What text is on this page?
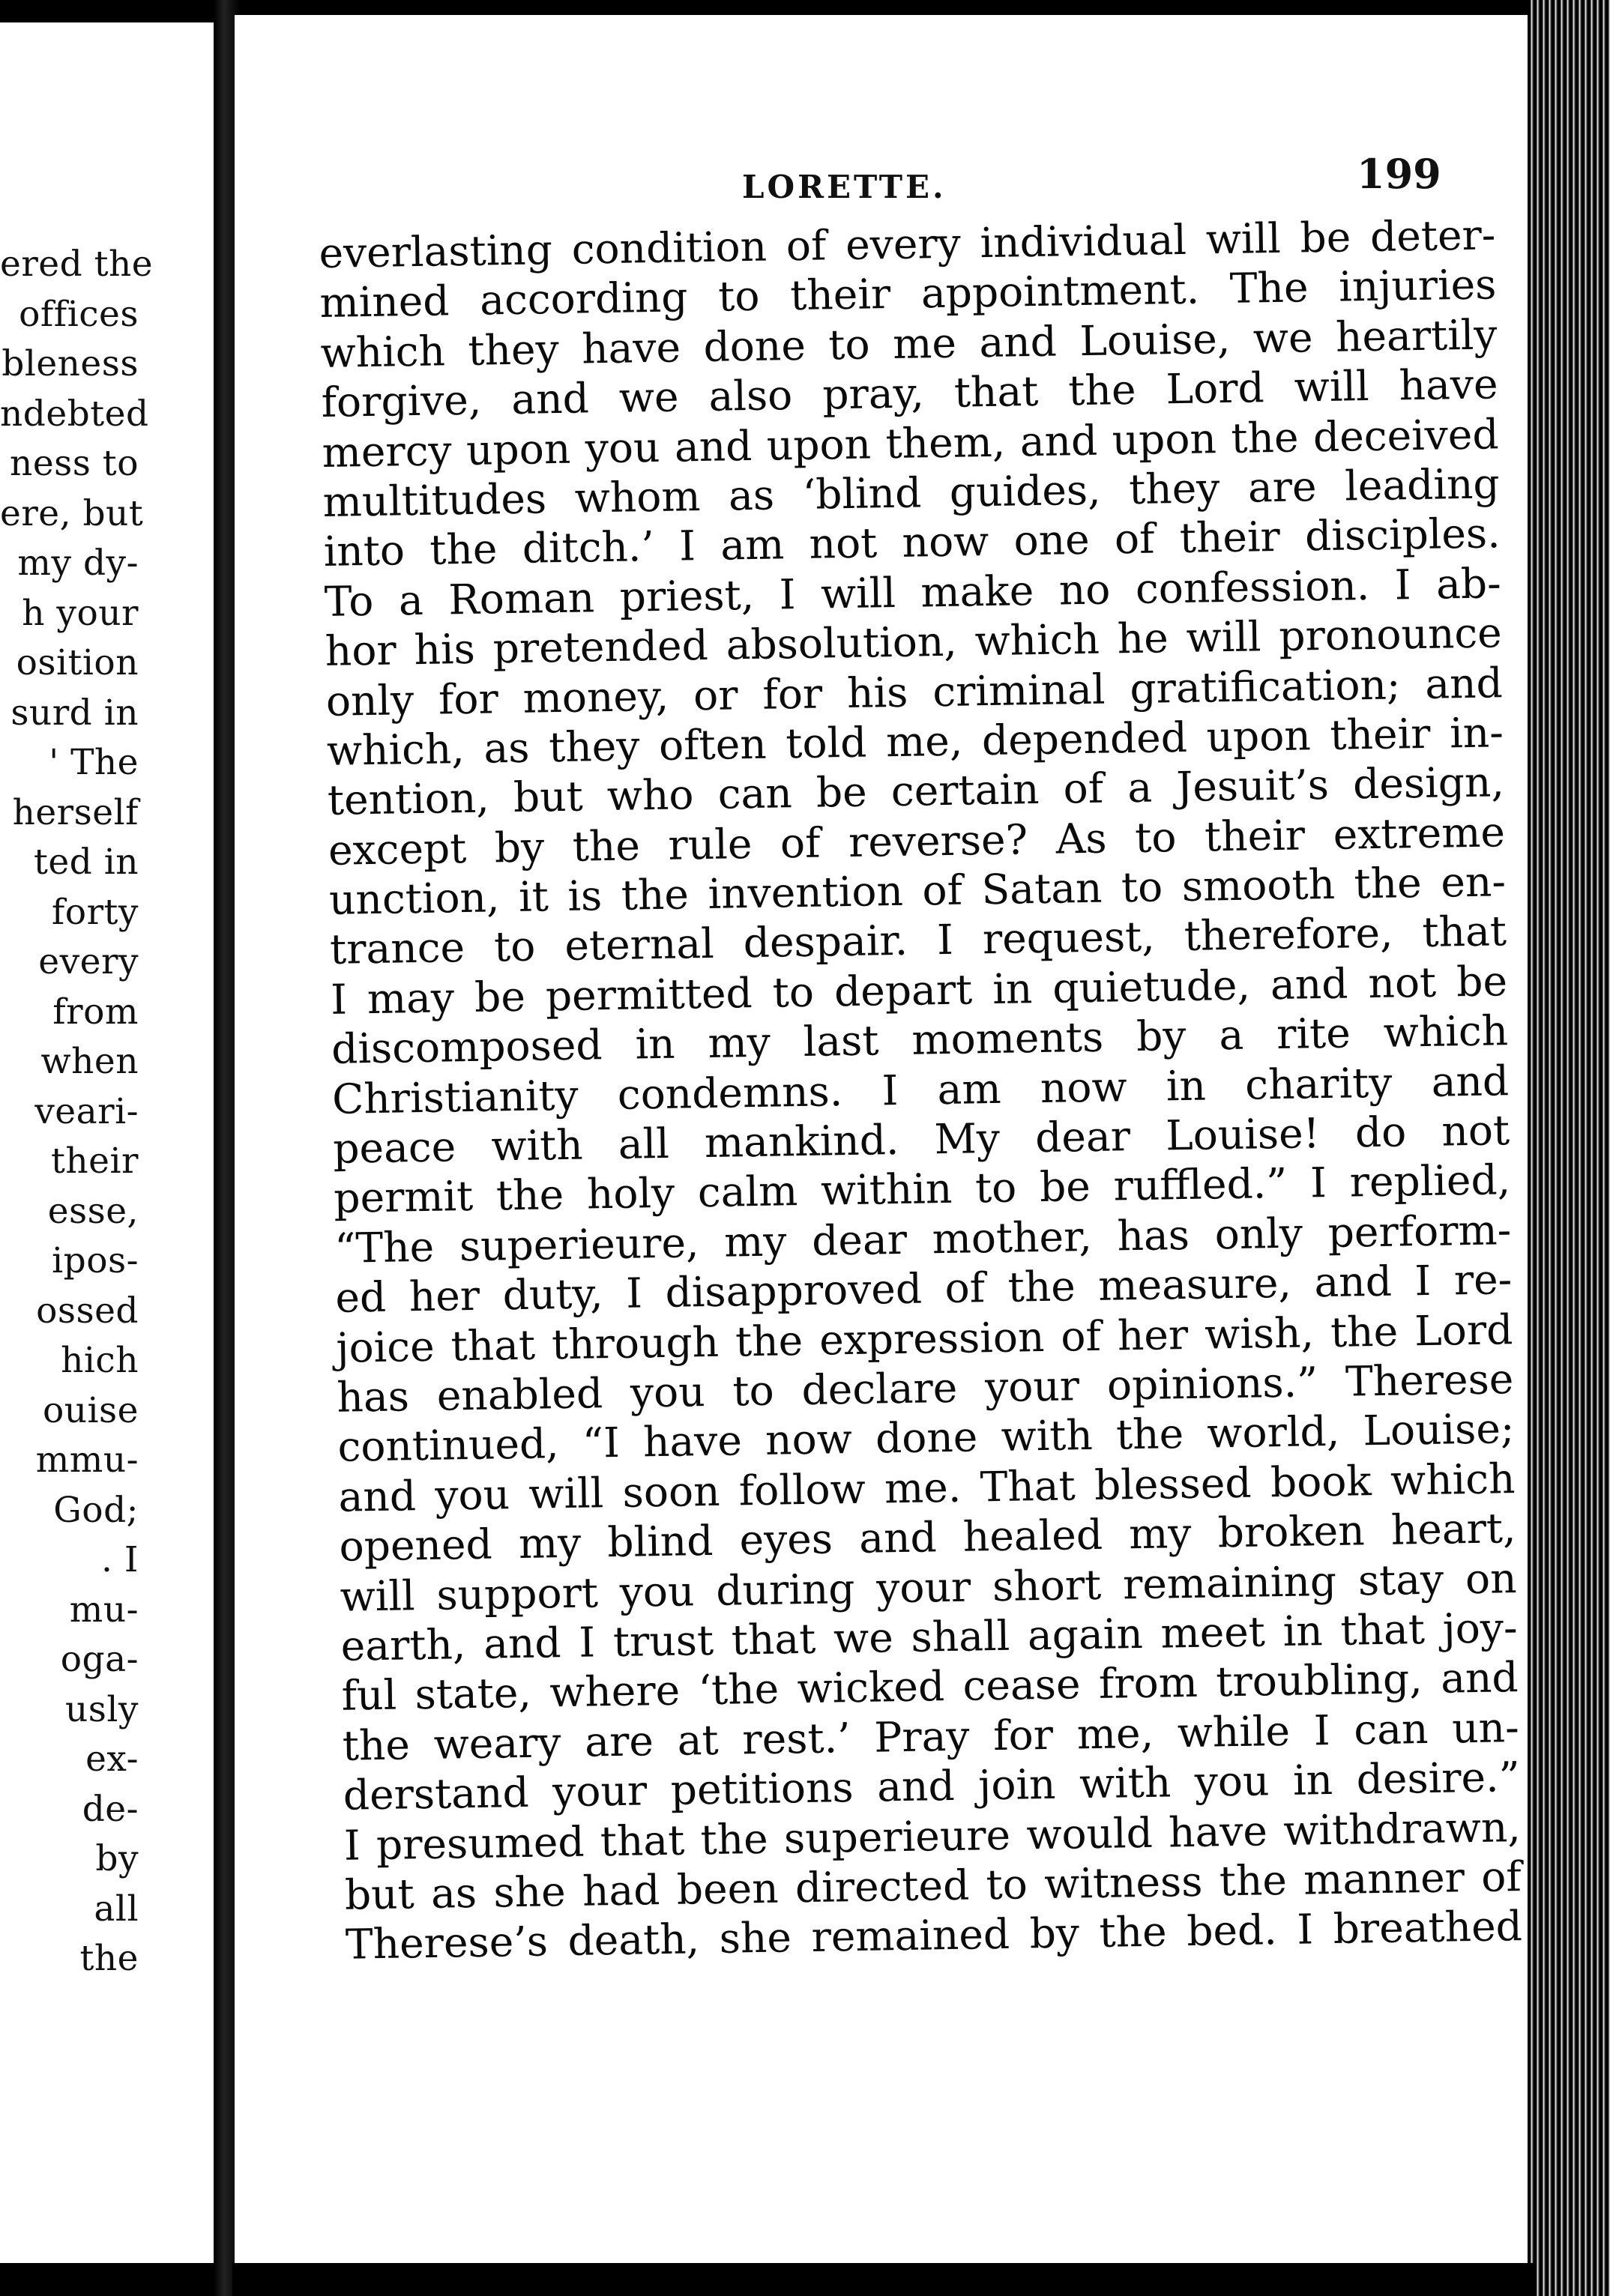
ered the
offices
bleness
ndebted
ness to
ere, but
my dy-
h your
osition
surd in
' The
herself
ted in
forty
every
from
when
veari-
their
esse,
ipos-
ossed
hich
ouise
mmu-
God;
. I
mu-
oga-
usly
ex-
de-
by
all
the
LORETTE.	199
everlasting condition of every individual will be deter-
mined according to their appointment. The injuries
which they have done to me and Louise, we heartily
forgive, and we also pray, that the Lord will have
mercy upon you and upon them, and upon the deceived
multitudes whom as ‘blind guides, they are leading
into the ditch.’ I am not now one of their disciples.
To a Roman priest, I will make no confession. I ab-
hor his pretended absolution, which he will pronounce
only for money, or for his criminal gratification; and
which, as they often told me, depended upon their in-
tention, but who can be certain of a Jesuit’s design,
except by the rule of reverse? As to their extreme
unction, it is the invention of Satan to smooth the en-
trance to eternal despair. I request, therefore, that
I may be permitted to depart in quietude, and not be
discomposed in my last moments by a rite which
Christianity condemns. I am now in charity and
peace with all mankind. My dear Louise! do not
permit the holy calm within to be ruffled.” I replied,
“The superieure, my dear mother, has only perform-
ed her duty, I disapproved of the measure, and I re-
joice that through the expression of her wish, the Lord
has enabled you to declare your opinions.” Therese
continued, “I have now done with the world, Louise;
and you will soon follow me. That blessed book which
opened my blind eyes and healed my broken heart,
will support you during your short remaining stay on
earth, and I trust that we shall again meet in that joy-
ful state, where ‘the wicked cease from troubling, and
the weary are at rest.’ Pray for me, while I can un-
derstand your petitions and join with you in desire.”
I presumed that the superieure would have withdrawn,
but as she had been directed to witness the manner of
Therese’s death, she remained by the bed. I breathed
